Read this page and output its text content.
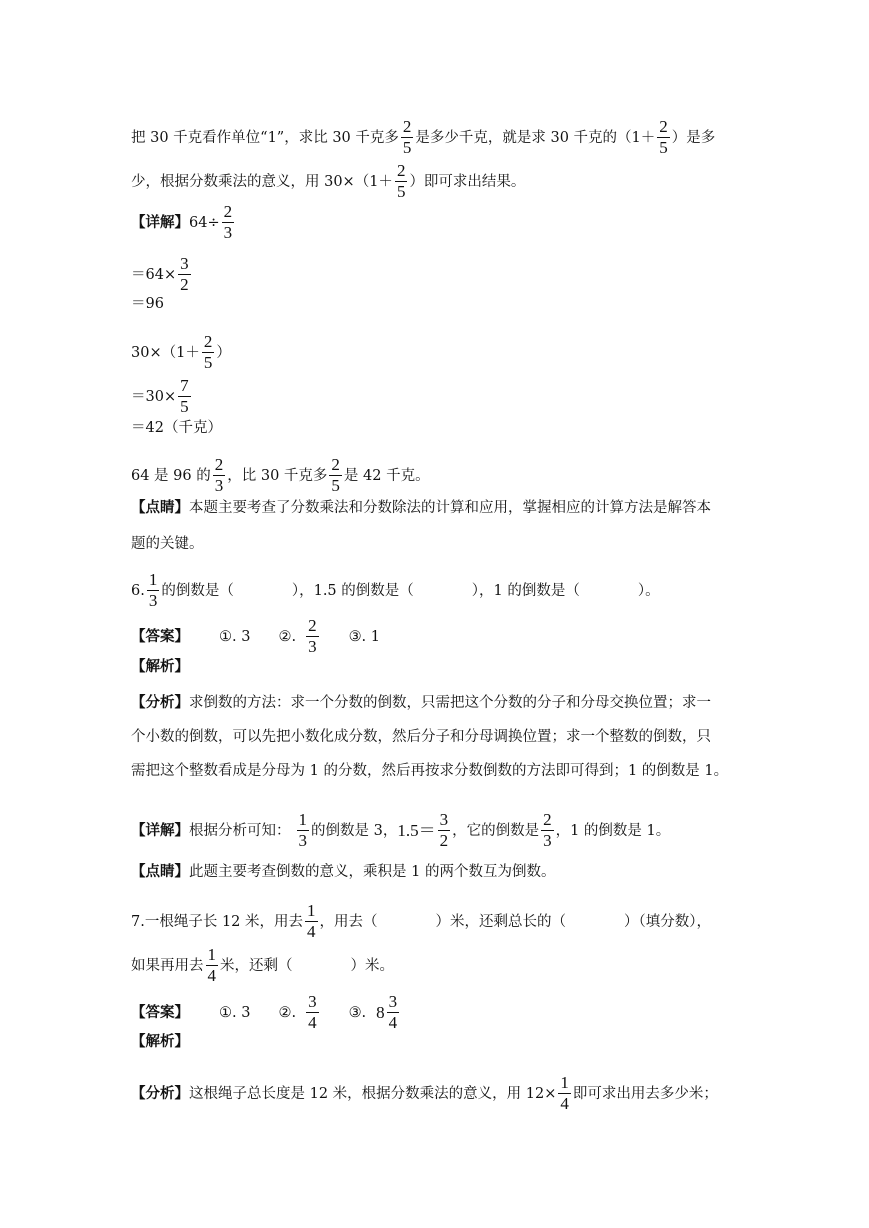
把 30 千克看作单位“1”，求比 30 千克多
2
5
是多少千克，就是求 30 千克的（1＋
2
5
）是多
少，根据分数乘法的意义，用 30×（1＋
2
5
）即可求出结果。
【详解】 $64\div \frac{2}{3}$
$=64\times \frac{3}{2}$
＝96
30×（1＋
2
5
）
$=30\times \frac{7}{5}$
＝42（千克）
64 是 96 的
2
3
，比 30 千克多
2
5
是 42 千克。
【点睛】 本题主要考查了分数乘法和分数除法的计算和应用，掌握相应的计算方法是解答本
题的关键。
6.
1
3
的倒数是（	），1.5 的倒数是（	），1 的倒数是（	）。
【答案】 ①. 3 ②.
2
3
③. 1
【解析】
【分析】 求倒数的方法：求一个分数的倒数，只需把这个分数的分子和分母交换位置；求一
个小数的倒数，可以先把小数化成分数，然后分子和分母调换位置；求一个整数的倒数，只
需把这个整数看成是分母为 1 的分数，然后再按求分数倒数的方法即可得到；1 的倒数是 1。
【详解】 根据分析可知：
1
3
的倒数是 3， 1.5＝
3
2
，它的倒数是
2
3
，1 的倒数是 1。
【点睛】 此题主要考查倒数的意义，乘积是 1 的两个数互为倒数。
7. 一根绳子长 12 米，用去
1
4
，用去（	）米，还剩总长的（	）（填分数），
如果再用去
1
4
米，还剩（	）米。
【答案】 ①. 3 ②.
3
4
③. 8
3
4
【解析】
【分析】 这根绳子总长度是 12 米，根据分数乘法的意义，用 $12\times \frac{1}{4}$ 即可求出用去多少米；
